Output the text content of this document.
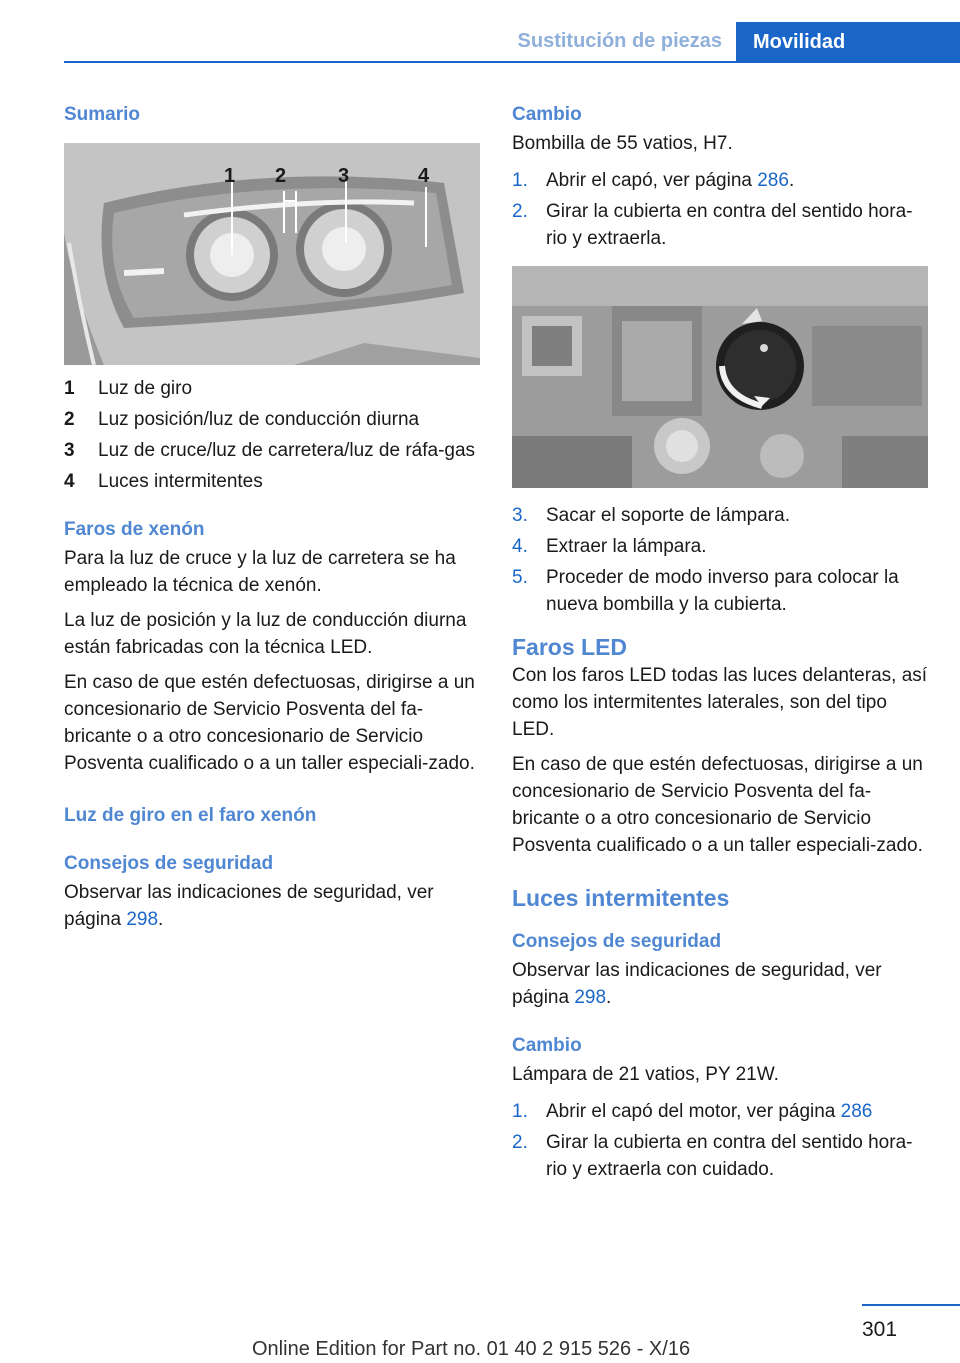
Sustitución de piezas Movilidad
Sumario
1 2	3	4
1	Luz de giro
2	Luz posición/luz de conducción diurna
3	Luz de cruce/luz de carretera/luz de ráfa‐gas
4	Luces intermitentes
Faros de xenón

Para la luz de cruce y la luz de carretera se ha empleado la técnica de xenón.

La luz de posición y la luz de conducción diurna están fabricadas con la técnica LED.

En caso de que estén defectuosas, dirigirse a un concesionario de Servicio Posventa del fa‐bricante o a otro concesionario de Servicio Posventa cualificado o a un taller especiali‐zado.

Luz de giro en el faro xenón
Consejos de seguridad

Observar las indicaciones de seguridad, ver página 298.

Cambio

Bombilla de 55 vatios, H7.

1. Abrir el capó, ver página 286.
2. Girar la cubierta en contra del sentido hora‐rio y extraerla.
3. Sacar el soporte de lámpara.
4. Extraer la lámpara.
5. Proceder de modo inverso para colocar la nueva bombilla y la cubierta.
Faros LED

Con los faros LED todas las luces delanteras, así como los intermitentes laterales, son del tipo LED.

En caso de que estén defectuosas, dirigirse a un concesionario de Servicio Posventa del fa‐bricante o a otro concesionario de Servicio Posventa cualificado o a un taller especiali‐zado.

Luces intermitentes
Consejos de seguridad

Observar las indicaciones de seguridad, ver página 298.

Cambio

Lámpara de 21 vatios, PY 21W.

1. Abrir el capó del motor, ver página 286
2. Girar la cubierta en contra del sentido hora‐rio y extraerla con cuidado.
301
Online Edition for Part no. 01 40 2 915 526 - X/16
